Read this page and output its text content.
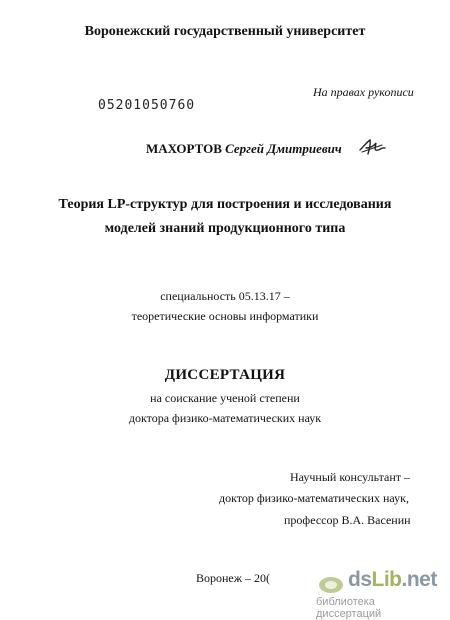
Воронежский государственный университет
На правах рукописи
05201050760
МАХОРТОВ Сергей Дмитриевич
Теория LP-структур для построения и исследования
моделей знаний продукционного типа
специальность 05.13.17 –
теоретические основы информатики
ДИССЕРТАЦИЯ
на соискание ученой степени
доктора физико-математических наук
Научный консультант –
доктор физико-математических наук,
профессор В.А. Васенин
Воронеж – 20(	dsLib.net
библиотека диссертаций
